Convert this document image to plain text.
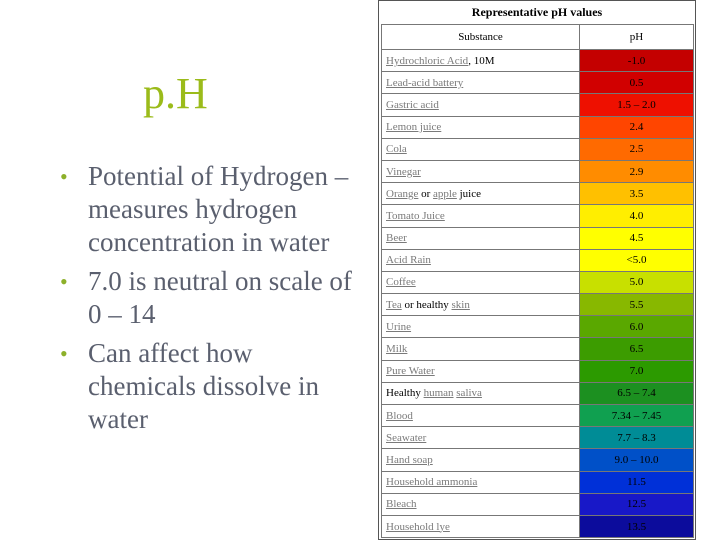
p.H
• Potential of Hydrogen – measures hydrogen concentration in water
• 7.0 is neutral on scale of 0 – 14
• Can affect how chemicals dissolve in water
Representative pH values
Substance	pH
Hydrochloric Acid, 10M	-1.0
Lead-acid battery	0.5
Gastric acid	1.5 – 2.0
Lemon juice	2.4
Cola	2.5
Vinegar	2.9
Orange or apple juice	3.5
Tomato Juice	4.0
Beer	4.5
Acid Rain	<5.0
Coffee	5.0
Tea or healthy skin	5.5
Urine	6.0
Milk	6.5
Pure Water	7.0
Healthy human saliva	6.5 – 7.4
Blood	7.34 – 7.45
Seawater	7.7 – 8.3
Hand soap	9.0 – 10.0
Household ammonia	11.5
Bleach	12.5
Household lye	13.5
